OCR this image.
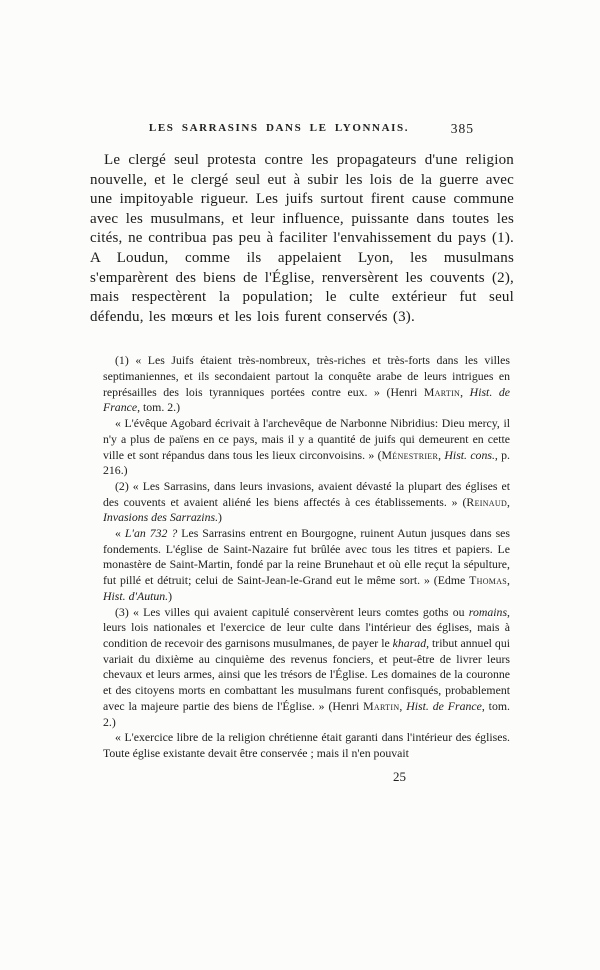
LES SARRASINS DANS LE LYONNAIS.	385

Le clergé seul protesta contre les propagateurs d'une religion nouvelle, et le clergé seul eut à subir les lois de la guerre avec une impitoyable rigueur. Les juifs surtout firent cause commune avec les musulmans, et leur influence, puissante dans toutes les cités, ne contribua pas peu à faciliter l'envahissement du pays (1). A Loudun, comme ils appelaient Lyon, les musulmans s'emparèrent des biens de l'Église, renversèrent les couvents (2), mais respectèrent la population; le culte extérieur fut seul défendu, les mœurs et les lois furent conservés (3).

(1) « Les Juifs étaient très-nombreux, très-riches et très-forts dans les villes septimaniennes, et ils secondaient partout la conquête arabe de leurs intrigues en représailles des lois tyranniques portées contre eux. » (Henri Martin, Hist. de France, tom. 2.)

« L'évêque Agobard écrivait à l'archevêque de Narbonne Nibridius: Dieu mercy, il n'y a plus de païens en ce pays, mais il y a quantité de juifs qui demeurent en cette ville et sont répandus dans tous les lieux circonvoisins. » (Ménestrier, Hist. cons., p. 216.)

(2) « Les Sarrasins, dans leurs invasions, avaient dévasté la plupart des églises et des couvents et avaient aliéné les biens affectés à ces établissements. » (Reinaud, Invasions des Sarrazins.)

« L'an 732 ? Les Sarrasins entrent en Bourgogne, ruinent Autun jusques dans ses fondements. L'église de Saint-Nazaire fut brûlée avec tous les titres et papiers. Le monastère de Saint-Martin, fondé par la reine Brunehaut et où elle reçut la sépulture, fut pillé et détruit; celui de Saint-Jean-le-Grand eut le même sort. » (Edme Thomas, Hist. d'Autun.)

(3) « Les villes qui avaient capitulé conservèrent leurs comtes goths ou romains, leurs lois nationales et l'exercice de leur culte dans l'intérieur des églises, mais à condition de recevoir des garnisons musulmanes, de payer le kharad, tribut annuel qui variait du dixième au cinquième des revenus fonciers, et peut-être de livrer leurs chevaux et leurs armes, ainsi que les trésors de l'Église. Les domaines de la couronne et des citoyens morts en combattant les musulmans furent confisqués, probablement avec la majeure partie des biens de l'Église. » (Henri Martin, Hist. de France, tom. 2.)

« L'exercice libre de la religion chrétienne était garanti dans l'intérieur des églises. Toute église existante devait être conservée ; mais il n'en pouvait

25
